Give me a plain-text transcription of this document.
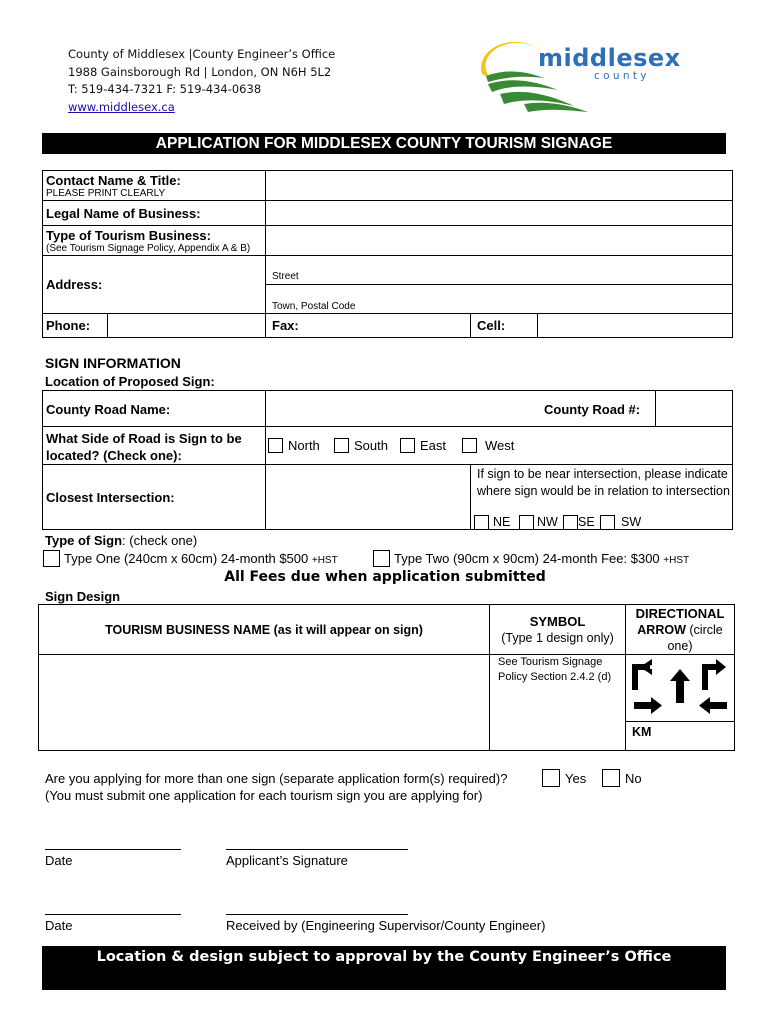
County of Middlesex |County Engineer’s Office
1988 Gainsborough Rd | London, ON N6H 5L2
T: 519-434-7321 F: 519-434-0638
www.middlesex.ca
middlesex
c o u n t y
APPLICATION FOR MIDDLESEX COUNTY TOURISM SIGNAGE
Contact Name & Title:
PLEASE PRINT CLEARLY
Legal Name of Business:
Type of Tourism Business:
(See Tourism Signage Policy, Appendix A & B)
Address:
Street
Town, Postal Code
Phone:	Fax:	Cell:
SIGN INFORMATION
Location of Proposed Sign:
County Road Name:	County Road #:
What Side of Road is Sign to be
located? (Check one):
North	South East	West
Closest Intersection:
If sign to be near intersection, please indicate where sign would be in relation to intersection
NE NW SE SW
Type of Sign: (check one)
Type One (240cm x 60cm) 24-month $500 +HST	Type Two (90cm x 90cm) 24-month Fee: $300 +HST
All Fees due when application submitted
Sign Design
TOURISM BUSINESS NAME (as it will appear on sign)
SYMBOL
(Type 1 design only)
DIRECTIONAL
ARROW (circle one)
See Tourism Signage Policy Section 2.4.2 (d)
KM
Are you applying for more than one sign (separate application form(s) required)?	Yes	No
(You must submit one application for each tourism sign you are applying for)
Date	Applicant’s Signature
Date	Received by (Engineering Supervisor/County Engineer)
Location & design subject to approval by the County Engineer’s Office
